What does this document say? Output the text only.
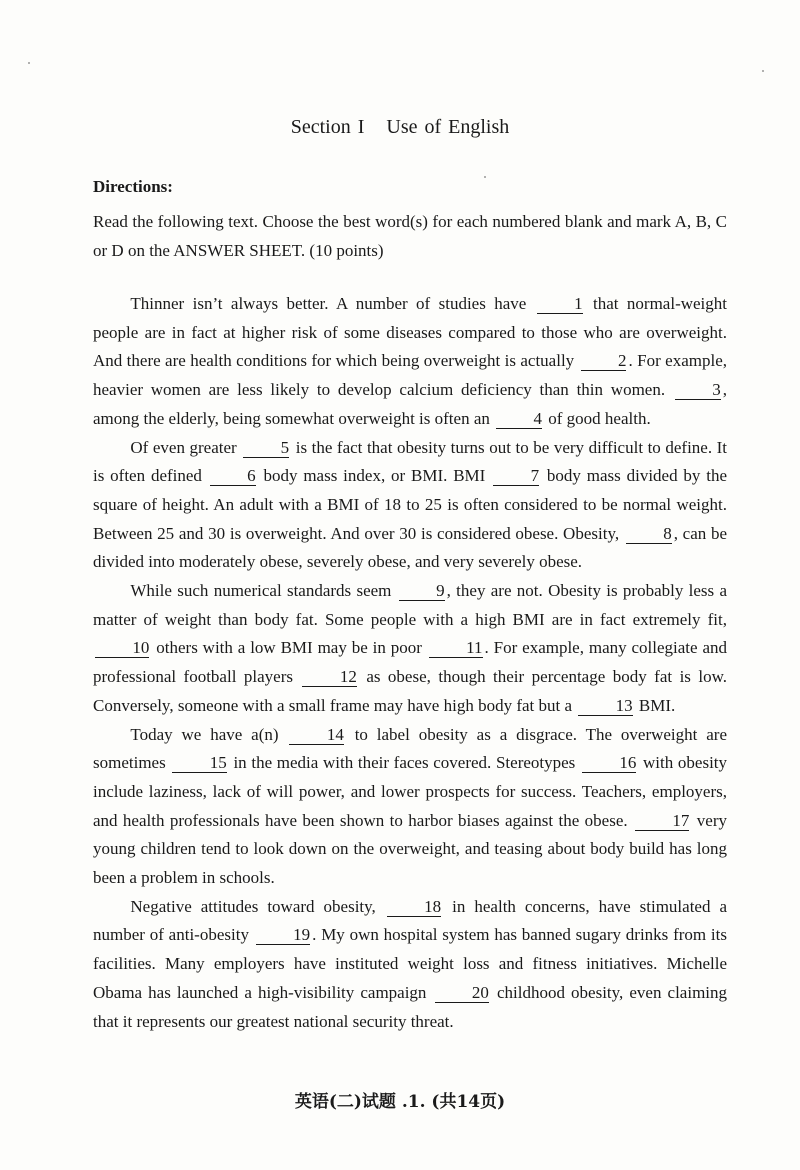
Section I Use of English
Directions:
Read the following text. Choose the best word(s) for each numbered blank and mark A, B, C or D on the ANSWER SHEET. (10 points)

Thinner isn’t always better. A number of studies have	1 that normal-weight people are in fact at higher risk of some diseases compared to those who are overweight. And there are health conditions for which being overweight is actually	2 . For example, heavier women are less likely to develop calcium deficiency than thin women.	3 , among the elderly, being somewhat overweight is often an	4 of good health.

Of even greater	5 is the fact that obesity turns out to be very difficult to define. It is often defined	6 body mass index, or BMI. BMI	7 body mass divided by the square of height. An adult with a BMI of 18 to 25 is often considered to be normal weight. Between 25 and 30 is overweight. And over 30 is considered obese. Obesity,	8 , can be divided into moderately obese, severely obese, and very severely obese.

While such numerical standards seem	9 , they are not. Obesity is probably less a matter of weight than body fat. Some people with a high BMI are in fact extremely fit, 10 others with a low BMI may be in poor	11 . For example, many collegiate and professional football players	12 as obese, though their percentage body fat is low. Conversely, someone with a small frame may have high body fat but a	13 BMI.

Today we have a(n)	14 to label obesity as a disgrace. The overweight are sometimes	15 in the media with their faces covered. Stereotypes	16 with obesity include laziness, lack of will power, and lower prospects for success. Teachers, employers, and health professionals have been shown to harbor biases against the obese.	17 very young children tend to look down on the overweight, and teasing about body build has long been a problem in schools.

Negative attitudes toward obesity,	18 in health concerns, have stimulated a number of anti-obesity	19 . My own hospital system has banned sugary drinks from its facilities. Many employers have instituted weight loss and fitness initiatives. Michelle Obama has launched a high-visibility campaign	20 childhood obesity, even claiming that it represents our greatest national security threat.

英语(二)试题 .1. (共14页)
